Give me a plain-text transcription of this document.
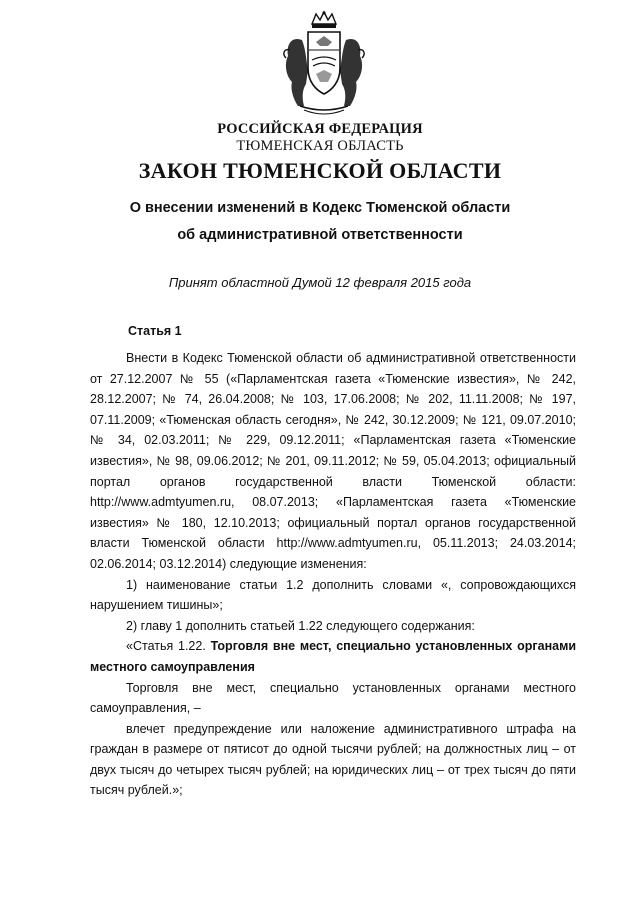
РОССИЙСКАЯ ФЕДЕРАЦИЯ
ТЮМЕНСКАЯ ОБЛАСТЬ
ЗАКОН ТЮМЕНСКОЙ ОБЛАСТИ
О внесении изменений в Кодекс Тюменской области
об административной ответственности
Принят областной Думой 12 февраля 2015 года
Статья 1

Внести в Кодекс Тюменской области об административной ответственности от 27.12.2007 № 55 («Парламентская газета «Тюменские известия», № 242, 28.12.2007; № 74, 26.04.2008; № 103, 17.06.2008; № 202, 11.11.2008; № 197, 07.11.2009; «Тюменская область сегодня», № 242, 30.12.2009; № 121, 09.07.2010; № 34, 02.03.2011; № 229, 09.12.2011; «Парламентская газета «Тюменские известия», № 98, 09.06.2012; № 201, 09.11.2012; № 59, 05.04.2013; официальный портал органов государственной власти Тюменской области: http://www.admtyumen.ru, 08.07.2013; «Парламентская газета «Тюменские известия» № 180, 12.10.2013; официальный портал органов государственной власти Тюменской области http://www.admtyumen.ru, 05.11.2013; 24.03.2014; 02.06.2014; 03.12.2014) следующие изменения:

1) наименование статьи 1.2 дополнить словами «, сопровождающихся нарушением тишины»;

2) главу 1 дополнить статьей 1.22 следующего содержания:

«Статья 1.22. Торговля вне мест, специально установленных органами местного самоуправления

Торговля вне мест, специально установленных органами местного самоуправления, –

влечет предупреждение или наложение административного штрафа на граждан в размере от пятисот до одной тысячи рублей; на должностных лиц – от двух тысяч до четырех тысяч рублей; на юридических лиц – от трех тысяч до пяти тысяч рублей.»;
